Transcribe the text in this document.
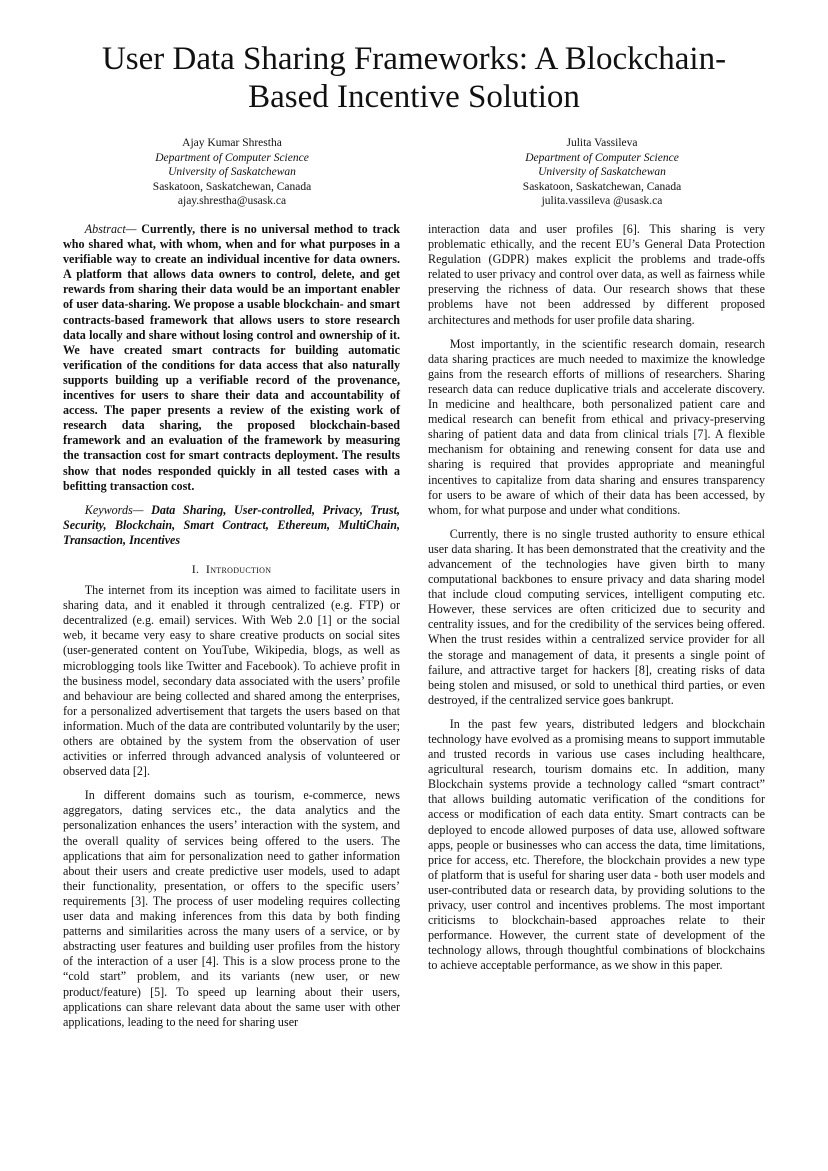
User Data Sharing Frameworks: A Blockchain-
Based Incentive Solution
Ajay Kumar Shrestha
Department of Computer Science
University of Saskatchewan
Saskatoon, Saskatchewan, Canada
ajay.shrestha@usask.ca
Julita Vassileva
Department of Computer Science
University of Saskatchewan
Saskatoon, Saskatchewan, Canada
julita.vassileva @usask.ca

Abstract— Currently, there is no universal method to track who shared what, with whom, when and for what purposes in a verifiable way to create an individual incentive for data owners. A platform that allows data owners to control, delete, and get rewards from sharing their data would be an important enabler of user data-sharing. We propose a usable blockchain- and smart contracts-based framework that allows users to store research data locally and share without losing control and ownership of it. We have created smart contracts for building automatic verification of the conditions for data access that also naturally supports building up a verifiable record of the provenance, incentives for users to share their data and accountability of access. The paper presents a review of the existing work of research data sharing, the proposed blockchain-based framework and an evaluation of the framework by measuring the transaction cost for smart contracts deployment. The results show that nodes responded quickly in all tested cases with a befitting transaction cost.

Keywords— Data Sharing, User-controlled, Privacy, Trust, Security, Blockchain, Smart Contract, Ethereum, MultiChain, Transaction, Incentives

I. Introduction

The internet from its inception was aimed to facilitate users in sharing data, and it enabled it through centralized (e.g. FTP) or decentralized (e.g. email) services. With Web 2.0 [1] or the social web, it became very easy to share creative products on social sites (user-generated content on YouTube, Wikipedia, blogs, as well as microblogging tools like Twitter and Facebook). To achieve profit in the business model, secondary data associated with the users’ profile and behaviour are being collected and shared among the enterprises, for a personalized advertisement that targets the users based on that information. Much of the data are contributed voluntarily by the user; others are obtained by the system from the observation of user activities or inferred through advanced analysis of volunteered or observed data [2].

In different domains such as tourism, e-commerce, news aggregators, dating services etc., the data analytics and the personalization enhances the users’ interaction with the system, and the overall quality of services being offered to the users. The applications that aim for personalization need to gather information about their users and create predictive user models, used to adapt their functionality, presentation, or offers to the specific users’ requirements [3]. The process of user modeling requires collecting user data and making inferences from this data by both finding patterns and similarities across the many users of a service, or by abstracting user features and building user profiles from the history of the interaction of a user [4]. This is a slow process prone to the “cold start” problem, and its variants (new user, or new product/feature) [5]. To speed up learning about their users, applications can share relevant data about the same user with other applications, leading to the need for sharing user

interaction data and user profiles [6]. This sharing is very problematic ethically, and the recent EU’s General Data Protection Regulation (GDPR) makes explicit the problems and trade-offs related to user privacy and control over data, as well as fairness while preserving the richness of data. Our research shows that these problems have not been addressed by different proposed architectures and methods for user profile data sharing.

Most importantly, in the scientific research domain, research data sharing practices are much needed to maximize the knowledge gains from the research efforts of millions of researchers. Sharing research data can reduce duplicative trials and accelerate discovery. In medicine and healthcare, both personalized patient care and medical research can benefit from ethical and privacy-preserving sharing of patient data and data from clinical trials [7]. A flexible mechanism for obtaining and renewing consent for data use and sharing is required that provides appropriate and meaningful incentives to capitalize from data sharing and ensures transparency for users to be aware of which of their data has been accessed, by whom, for what purpose and under what conditions.

Currently, there is no single trusted authority to ensure ethical user data sharing. It has been demonstrated that the creativity and the advancement of the technologies have given birth to many computational backbones to ensure privacy and data sharing model that include cloud computing services, intelligent computing etc. However, these services are often criticized due to security and centrality issues, and for the credibility of the services being offered. When the trust resides within a centralized service provider for all the storage and management of data, it presents a single point of failure, and attractive target for hackers [8], creating risks of data being stolen and misused, or sold to unethical third parties, or even destroyed, if the centralized service goes bankrupt.

In the past few years, distributed ledgers and blockchain technology have evolved as a promising means to support immutable and trusted records in various use cases including healthcare, agricultural research, tourism domains etc. In addition, many Blockchain systems provide a technology called “smart contract” that allows building automatic verification of the conditions for access or modification of each data entity. Smart contracts can be deployed to encode allowed purposes of data use, allowed software apps, people or businesses who can access the data, time limitations, price for access, etc. Therefore, the blockchain provides a new type of platform that is useful for sharing user data - both user models and user-contributed data or research data, by providing solutions to the privacy, user control and incentives problems. The most important criticisms to blockchain-based approaches relate to their performance. However, the current state of development of the technology allows, through thoughtful combinations of blockchains to achieve acceptable performance, as we show in this paper.
